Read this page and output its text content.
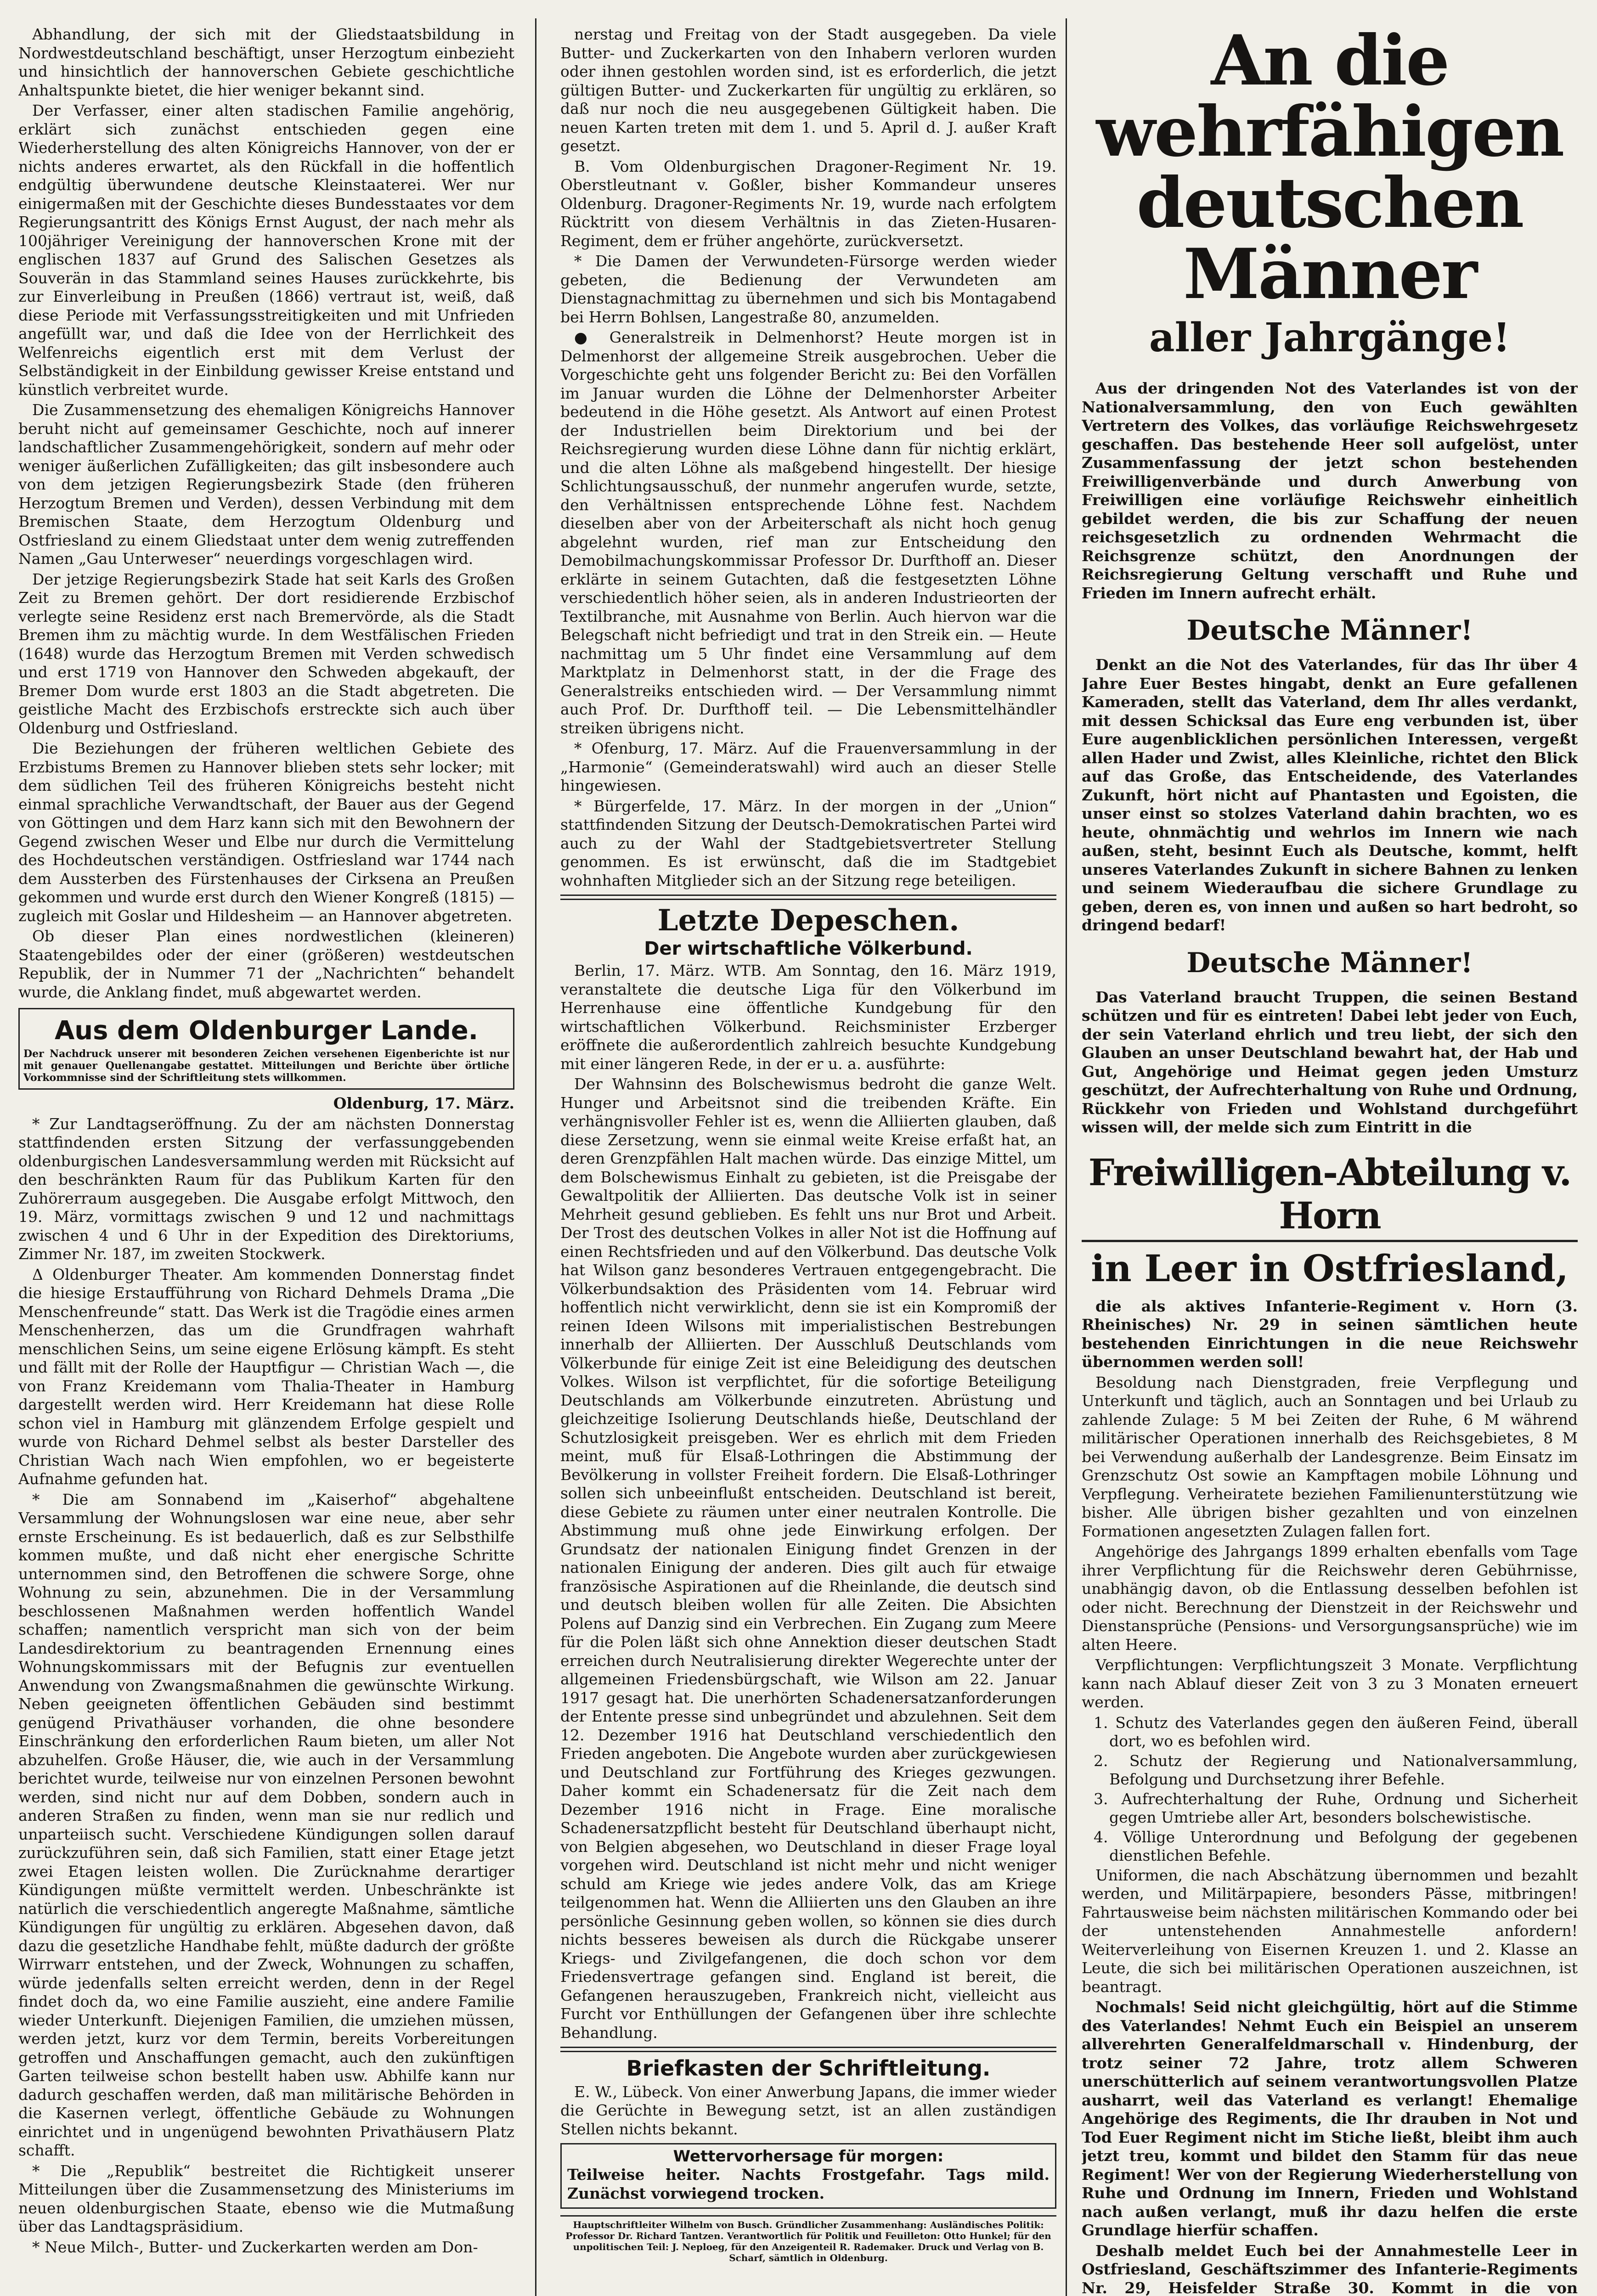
Abhandlung, der sich mit der Gliedstaatsbildung in Nordwestdeutschland beschäftigt, unser Herzogtum einbezieht und hinsichtlich der hannoverschen Gebiete geschichtliche Anhaltspunkte bietet, die hier weniger bekannt sind.

Der Verfasser, einer alten stadischen Familie angehörig, erklärt sich zunächst entschieden gegen eine Wiederherstellung des alten Königreichs Hannover, von der er nichts anderes erwartet, als den Rückfall in die hoffentlich endgültig überwundene deutsche Kleinstaaterei. Wer nur einigermaßen mit der Geschichte dieses Bundesstaates vor dem Regierungsantritt des Königs Ernst August, der nach mehr als 100jähriger Vereinigung der hannoverschen Krone mit der englischen 1837 auf Grund des Salischen Gesetzes als Souverän in das Stammland seines Hauses zurückkehrte, bis zur Einverleibung in Preußen (1866) vertraut ist, weiß, daß diese Periode mit Verfassungsstreitigkeiten und mit Unfrieden angefüllt war, und daß die Idee von der Herrlichkeit des Welfenreichs eigentlich erst mit dem Verlust der Selbständigkeit in der Einbildung gewisser Kreise entstand und künstlich verbreitet wurde.

Die Zusammensetzung des ehemaligen Königreichs Hannover beruht nicht auf gemeinsamer Geschichte, noch auf innerer landschaftlicher Zusammengehörigkeit, sondern auf mehr oder weniger äußerlichen Zufälligkeiten; das gilt insbesondere auch von dem jetzigen Regierungsbezirk Stade (den früheren Herzogtum Bremen und Verden), dessen Verbindung mit dem Bremischen Staate, dem Herzogtum Oldenburg und Ostfriesland zu einem Gliedstaat unter dem wenig zutreffenden Namen „Gau Unterweser“ neuerdings vorgeschlagen wird.

Der jetzige Regierungsbezirk Stade hat seit Karls des Großen Zeit zu Bremen gehört. Der dort residierende Erzbischof verlegte seine Residenz erst nach Bremervörde, als die Stadt Bremen ihm zu mächtig wurde. In dem Westfälischen Frieden (1648) wurde das Herzogtum Bremen mit Verden schwedisch und erst 1719 von Hannover den Schweden abgekauft, der Bremer Dom wurde erst 1803 an die Stadt abgetreten. Die geistliche Macht des Erzbischofs erstreckte sich auch über Oldenburg und Ostfriesland.

Die Beziehungen der früheren weltlichen Gebiete des Erzbistums Bremen zu Hannover blieben stets sehr locker; mit dem südlichen Teil des früheren Königreichs besteht nicht einmal sprachliche Verwandtschaft, der Bauer aus der Gegend von Göttingen und dem Harz kann sich mit den Bewohnern der Gegend zwischen Weser und Elbe nur durch die Vermittelung des Hochdeutschen verständigen. Ostfriesland war 1744 nach dem Aussterben des Fürstenhauses der Cirksena an Preußen gekommen und wurde erst durch den Wiener Kongreß (1815) — zugleich mit Goslar und Hildesheim — an Hannover abgetreten.

Ob dieser Plan eines nordwestlichen (kleineren) Staatengebildes oder der einer (größeren) westdeutschen Republik, der in Nummer 71 der „Nachrichten“ behandelt wurde, die Anklang findet, muß abgewartet werden.

Aus dem Oldenburger Lande.
Der Nachdruck unserer mit besonderen Zeichen versehenen Eigenberichte ist nur mit genauer Quellenangabe gestattet. Mitteilungen und Berichte über örtliche Vorkommnisse sind der Schriftleitung stets willkommen.
Oldenburg, 17. März.

* Zur Landtagseröffnung. Zu der am nächsten Donnerstag stattfindenden ersten Sitzung der verfassunggebenden oldenburgischen Landesversammlung werden mit Rücksicht auf den beschränkten Raum für das Publikum Karten für den Zuhörerraum ausgegeben. Die Ausgabe erfolgt Mittwoch, den 19. März, vormittags zwischen 9 und 12 und nachmittags zwischen 4 und 6 Uhr in der Expedition des Direktoriums, Zimmer Nr. 187, im zweiten Stockwerk.

Δ Oldenburger Theater. Am kommenden Donnerstag findet die hiesige Erstaufführung von Richard Dehmels Drama „Die Menschenfreunde“ statt. Das Werk ist die Tragödie eines armen Menschenherzen, das um die Grundfragen wahrhaft menschlichen Seins, um seine eigene Erlösung kämpft. Es steht und fällt mit der Rolle der Hauptfigur — Christian Wach —, die von Franz Kreidemann vom Thalia-Theater in Hamburg dargestellt werden wird. Herr Kreidemann hat diese Rolle schon viel in Hamburg mit glänzendem Erfolge gespielt und wurde von Richard Dehmel selbst als bester Darsteller des Christian Wach nach Wien empfohlen, wo er begeisterte Aufnahme gefunden hat.

* Die am Sonnabend im „Kaiserhof“ abgehaltene Versammlung der Wohnungslosen war eine neue, aber sehr ernste Erscheinung. Es ist bedauerlich, daß es zur Selbsthilfe kommen mußte, und daß nicht eher energische Schritte unternommen sind, den Betroffenen die schwere Sorge, ohne Wohnung zu sein, abzunehmen. Die in der Versammlung beschlossenen Maßnahmen werden hoffentlich Wandel schaffen; namentlich verspricht man sich von der beim Landesdirektorium zu beantragenden Ernennung eines Wohnungskommissars mit der Befugnis zur eventuellen Anwendung von Zwangsmaßnahmen die gewünschte Wirkung. Neben geeigneten öffentlichen Gebäuden sind bestimmt genügend Privathäuser vorhanden, die ohne besondere Einschränkung den erforderlichen Raum bieten, um aller Not abzuhelfen. Große Häuser, die, wie auch in der Versammlung berichtet wurde, teilweise nur von einzelnen Personen bewohnt werden, sind nicht nur auf dem Dobben, sondern auch in anderen Straßen zu finden, wenn man sie nur redlich und unparteiisch sucht. Verschiedene Kündigungen sollen darauf zurückzuführen sein, daß sich Familien, statt einer Etage jetzt zwei Etagen leisten wollen. Die Zurücknahme derartiger Kündigungen müßte vermittelt werden. Unbeschränkte ist natürlich die verschiedentlich angeregte Maßnahme, sämtliche Kündigungen für ungültig zu erklären. Abgesehen davon, daß dazu die gesetzliche Handhabe fehlt, müßte dadurch der größte Wirrwarr entstehen, und der Zweck, Wohnungen zu schaffen, würde jedenfalls selten erreicht werden, denn in der Regel findet doch da, wo eine Familie auszieht, eine andere Familie wieder Unterkunft. Diejenigen Familien, die umziehen müssen, werden jetzt, kurz vor dem Termin, bereits Vorbereitungen getroffen und Anschaffungen gemacht, auch den zukünftigen Garten teilweise schon bestellt haben usw. Abhilfe kann nur dadurch geschaffen werden, daß man militärische Behörden in die Kasernen verlegt, öffentliche Gebäude zu Wohnungen einrichtet und in ungenügend bewohnten Privathäusern Platz schafft.

* Die „Republik“ bestreitet die Richtigkeit unserer Mitteilungen über die Zusammensetzung des Ministeriums im neuen oldenburgischen Staate, ebenso wie die Mutmaßung über das Landtagspräsidium.

* Neue Milch-, Butter- und Zuckerkarten werden am Don-

nerstag und Freitag von der Stadt ausgegeben. Da viele Butter- und Zuckerkarten von den Inhabern verloren wurden oder ihnen gestohlen worden sind, ist es erforderlich, die jetzt gültigen Butter- und Zuckerkarten für ungültig zu erklären, so daß nur noch die neu ausgegebenen Gültigkeit haben. Die neuen Karten treten mit dem 1. und 5. April d. J. außer Kraft gesetzt.

B. Vom Oldenburgischen Dragoner-Regiment Nr. 19. Oberstleutnant v. Goßler, bisher Kommandeur unseres Oldenburg. Dragoner-Regiments Nr. 19, wurde nach erfolgtem Rücktritt von diesem Verhältnis in das Zieten-Husaren-Regiment, dem er früher angehörte, zurückversetzt.

* Die Damen der Verwundeten-Fürsorge werden wieder gebeten, die Bedienung der Verwundeten am Dienstagnachmittag zu übernehmen und sich bis Montagabend bei Herrn Bohlsen, Langestraße 80, anzumelden.

● Generalstreik in Delmenhorst? Heute morgen ist in Delmenhorst der allgemeine Streik ausgebrochen. Ueber die Vorgeschichte geht uns folgender Bericht zu: Bei den Vorfällen im Januar wurden die Löhne der Delmenhorster Arbeiter bedeutend in die Höhe gesetzt. Als Antwort auf einen Protest der Industriellen beim Direktorium und bei der Reichsregierung wurden diese Löhne dann für nichtig erklärt, und die alten Löhne als maßgebend hingestellt. Der hiesige Schlichtungsausschuß, der nunmehr angerufen wurde, setzte, den Verhältnissen entsprechende Löhne fest. Nachdem dieselben aber von der Arbeiterschaft als nicht hoch genug abgelehnt wurden, rief man zur Entscheidung den Demobilmachungskommissar Professor Dr. Durfthoff an. Dieser erklärte in seinem Gutachten, daß die festgesetzten Löhne verschiedentlich höher seien, als in anderen Industrieorten der Textilbranche, mit Ausnahme von Berlin. Auch hiervon war die Belegschaft nicht befriedigt und trat in den Streik ein. — Heute nachmittag um 5 Uhr findet eine Versammlung auf dem Marktplatz in Delmenhorst statt, in der die Frage des Generalstreiks entschieden wird. — Der Versammlung nimmt auch Prof. Dr. Durfthoff teil. — Die Lebensmittelhändler streiken übrigens nicht.

* Ofenburg, 17. März. Auf die Frauenversammlung in der „Harmonie“ (Gemeinderatswahl) wird auch an dieser Stelle hingewiesen.

* Bürgerfelde, 17. März. In der morgen in der „Union“ stattfindenden Sitzung der Deutsch-Demokratischen Partei wird auch zu der Wahl der Stadtgebietsvertreter Stellung genommen. Es ist erwünscht, daß die im Stadtgebiet wohnhaften Mitglieder sich an der Sitzung rege beteiligen.

Letzte Depeschen.
Der wirtschaftliche Völkerbund.

Berlin, 17. März. WTB. Am Sonntag, den 16. März 1919, veranstaltete die deutsche Liga für den Völkerbund im Herrenhause eine öffentliche Kundgebung für den wirtschaftlichen Völkerbund. Reichsminister Erzberger eröffnete die außerordentlich zahlreich besuchte Kundgebung mit einer längeren Rede, in der er u. a. ausführte:

Der Wahnsinn des Bolschewismus bedroht die ganze Welt. Hunger und Arbeitsnot sind die treibenden Kräfte. Ein verhängnisvoller Fehler ist es, wenn die Alliierten glauben, daß diese Zersetzung, wenn sie einmal weite Kreise erfaßt hat, an deren Grenzpfählen Halt machen würde. Das einzige Mittel, um dem Bolschewismus Einhalt zu gebieten, ist die Preisgabe der Gewaltpolitik der Alliierten. Das deutsche Volk ist in seiner Mehrheit gesund geblieben. Es fehlt uns nur Brot und Arbeit. Der Trost des deutschen Volkes in aller Not ist die Hoffnung auf einen Rechtsfrieden und auf den Völkerbund. Das deutsche Volk hat Wilson ganz besonderes Vertrauen entgegengebracht. Die Völkerbundsaktion des Präsidenten vom 14. Februar wird hoffentlich nicht verwirklicht, denn sie ist ein Kompromiß der reinen Ideen Wilsons mit imperialistischen Bestrebungen innerhalb der Alliierten. Der Ausschluß Deutschlands vom Völkerbunde für einige Zeit ist eine Beleidigung des deutschen Volkes. Wilson ist verpflichtet, für die sofortige Beteiligung Deutschlands am Völkerbunde einzutreten. Abrüstung und gleichzeitige Isolierung Deutschlands hieße, Deutschland der Schutzlosigkeit preisgeben. Wer es ehrlich mit dem Frieden meint, muß für Elsaß-Lothringen die Abstimmung der Bevölkerung in vollster Freiheit fordern. Die Elsaß-Lothringer sollen sich unbeeinflußt entscheiden. Deutschland ist bereit, diese Gebiete zu räumen unter einer neutralen Kontrolle. Die Abstimmung muß ohne jede Einwirkung erfolgen. Der Grundsatz der nationalen Einigung findet Grenzen in der nationalen Einigung der anderen. Dies gilt auch für etwaige französische Aspirationen auf die Rheinlande, die deutsch sind und deutsch bleiben wollen für alle Zeiten. Die Absichten Polens auf Danzig sind ein Verbrechen. Ein Zugang zum Meere für die Polen läßt sich ohne Annektion dieser deutschen Stadt erreichen durch Neutralisierung direkter Wegerechte unter der allgemeinen Friedensbürgschaft, wie Wilson am 22. Januar 1917 gesagt hat. Die unerhörten Schadenersatzanforderungen der Entente presse sind unbegründet und abzulehnen. Seit dem 12. Dezember 1916 hat Deutschland verschiedentlich den Frieden angeboten. Die Angebote wurden aber zurückgewiesen und Deutschland zur Fortführung des Krieges gezwungen. Daher kommt ein Schadenersatz für die Zeit nach dem Dezember 1916 nicht in Frage. Eine moralische Schadenersatzpflicht besteht für Deutschland überhaupt nicht, von Belgien abgesehen, wo Deutschland in dieser Frage loyal vorgehen wird. Deutschland ist nicht mehr und nicht weniger schuld am Kriege wie jedes andere Volk, das am Kriege teilgenommen hat. Wenn die Alliierten uns den Glauben an ihre persönliche Gesinnung geben wollen, so können sie dies durch nichts besseres beweisen als durch die Rückgabe unserer Kriegs- und Zivilgefangenen, die doch schon vor dem Friedensvertrage gefangen sind. England ist bereit, die Gefangenen herauszugeben, Frankreich nicht, vielleicht aus Furcht vor Enthüllungen der Gefangenen über ihre schlechte Behandlung.

Briefkasten der Schriftleitung.

E. W., Lübeck. Von einer Anwerbung Japans, die immer wieder die Gerüchte in Bewegung setzt, ist an allen zuständigen Stellen nichts bekannt.

Wettervorhersage für morgen:

Teilweise heiter. Nachts Frostgefahr. Tags mild. Zunächst vorwiegend trocken.

Hauptschriftleiter Wilhelm von Busch. Gründlicher Zusammenhang: Ausländisches Politik: Professor Dr. Richard Tantzen. Verantwortlich für Politik und Feuilleton: Otto Hunkel; für den unpolitischen Teil: J. Neploeg, für den Anzeigenteil R. Rademaker. Druck und Verlag von B. Scharf, sämtlich in Oldenburg.
An die wehrfähigen
deutschen Männer
aller Jahrgänge!

Aus der dringenden Not des Vaterlandes ist von der Nationalversammlung, den von Euch gewählten Vertretern des Volkes, das vorläufige Reichswehrgesetz geschaffen. Das bestehende Heer soll aufgelöst, unter Zusammenfassung der jetzt schon bestehenden Freiwilligenverbände und durch Anwerbung von Freiwilligen eine vorläufige Reichswehr einheitlich gebildet werden, die bis zur Schaffung der neuen reichsgesetzlich zu ordnenden Wehrmacht die Reichsgrenze schützt, den Anordnungen der Reichsregierung Geltung verschafft und Ruhe und Frieden im Innern aufrecht erhält.

Deutsche Männer!

Denkt an die Not des Vaterlandes, für das Ihr über 4 Jahre Euer Bestes hingabt, denkt an Eure gefallenen Kameraden, stellt das Vaterland, dem Ihr alles verdankt, mit dessen Schicksal das Eure eng verbunden ist, über Eure augenblicklichen persönlichen Interessen, vergeßt allen Hader und Zwist, alles Kleinliche, richtet den Blick auf das Große, das Entscheidende, des Vaterlandes Zukunft, hört nicht auf Phantasten und Egoisten, die unser einst so stolzes Vaterland dahin brachten, wo es heute, ohnmächtig und wehrlos im Innern wie nach außen, steht, besinnt Euch als Deutsche, kommt, helft unseres Vaterlandes Zukunft in sichere Bahnen zu lenken und seinem Wiederaufbau die sichere Grundlage zu geben, deren es, von innen und außen so hart bedroht, so dringend bedarf!

Deutsche Männer!

Das Vaterland braucht Truppen, die seinen Bestand schützen und für es eintreten! Dabei lebt jeder von Euch, der sein Vaterland ehrlich und treu liebt, der sich den Glauben an unser Deutschland bewahrt hat, der Hab und Gut, Angehörige und Heimat gegen jeden Umsturz geschützt, der Aufrechterhaltung von Ruhe und Ordnung, Rückkehr von Frieden und Wohlstand durchgeführt wissen will, der melde sich zum Eintritt in die

Freiwilligen-Abteilung v. Horn
in Leer in Ostfriesland,

die als aktives Infanterie-Regiment v. Horn (3. Rheinisches) Nr. 29 in seinen sämtlichen heute bestehenden Einrichtungen in die neue Reichswehr übernommen werden soll!

Besoldung nach Dienstgraden, freie Verpflegung und Unterkunft und täglich, auch an Sonntagen und bei Urlaub zu zahlende Zulage: 5 M bei Zeiten der Ruhe, 6 M während militärischer Operationen innerhalb des Reichsgebietes, 8 M bei Verwendung außerhalb der Landesgrenze. Beim Einsatz im Grenzschutz Ost sowie an Kampftagen mobile Löhnung und Verpflegung. Verheiratete beziehen Familienunterstützung wie bisher. Alle übrigen bisher gezahlten und von einzelnen Formationen angesetzten Zulagen fallen fort.

Angehörige des Jahrgangs 1899 erhalten ebenfalls vom Tage ihrer Verpflichtung für die Reichswehr deren Gebührnisse, unabhängig davon, ob die Entlassung desselben befohlen ist oder nicht. Berechnung der Dienstzeit in der Reichswehr und Dienstansprüche (Pensions- und Versorgungsansprüche) wie im alten Heere.

Verpflichtungen: Verpflichtungszeit 3 Monate. Verpflichtung kann nach Ablauf dieser Zeit von 3 zu 3 Monaten erneuert werden.

1. Schutz des Vaterlandes gegen den äußeren Feind, überall dort, wo es befohlen wird.
2. Schutz der Regierung und Nationalversammlung, Befolgung und Durchsetzung ihrer Befehle.
3. Aufrechterhaltung der Ruhe, Ordnung und Sicherheit gegen Umtriebe aller Art, besonders bolschewistische.
4. Völlige Unterordnung und Befolgung der gegebenen dienstlichen Befehle.

Uniformen, die nach Abschätzung übernommen und bezahlt werden, und Militärpapiere, besonders Pässe, mitbringen! Fahrtausweise beim nächsten militärischen Kommando oder bei der untenstehenden Annahmestelle anfordern! Weiterverleihung von Eisernen Kreuzen 1. und 2. Klasse an Leute, die sich bei militärischen Operationen auszeichnen, ist beantragt.

Nochmals! Seid nicht gleichgültig, hört auf die Stimme des Vaterlandes! Nehmt Euch ein Beispiel an unserem allverehrten Generalfeldmarschall v. Hindenburg, der trotz seiner 72 Jahre, trotz allem Schweren unerschütterlich auf seinem verantwortungsvollen Platze ausharrt, weil das Vaterland es verlangt! Ehemalige Angehörige des Regiments, die Ihr drauben in Not und Tod Euer Regiment nicht im Stiche ließt, bleibt ihm auch jetzt treu, kommt und bildet den Stamm für das neue Regiment! Wer von der Regierung Wiederherstellung von Ruhe und Ordnung im Innern, Frieden und Wohlstand nach außen verlangt, muß ihr dazu helfen die erste Grundlage hierfür schaffen.

Deshalb meldet Euch bei der Annahmestelle Leer in Ostfriesland, Geschäftszimmer des Infanterie-Regiments Nr. 29, Heisfelder Straße 30. Kommt in die von
